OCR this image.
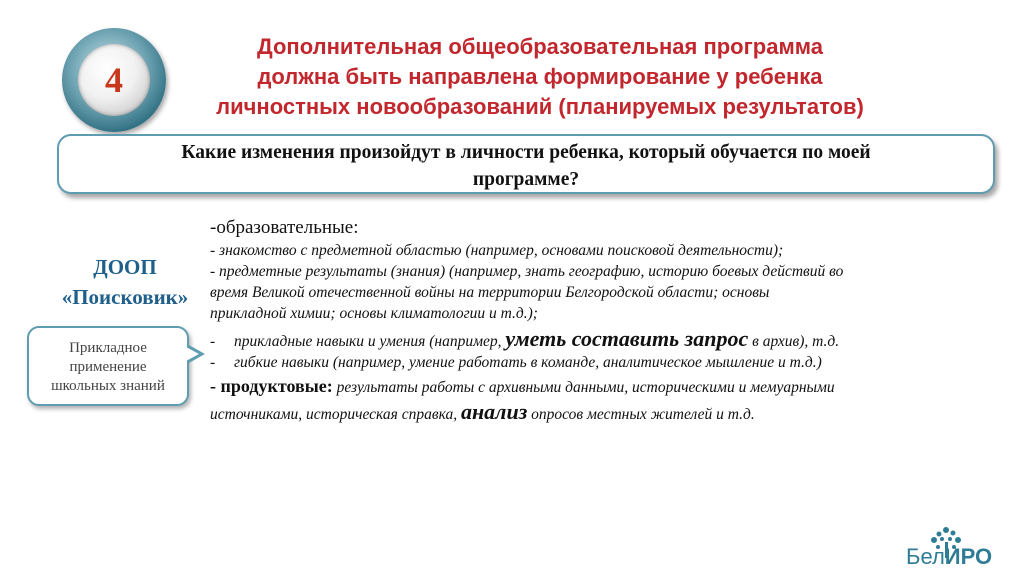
4
Дополнительная общеобразовательная программа
должна быть направлена формирование у ребенка
личностных новообразований (планируемых результатов)
Какие изменения произойдут в личности ребенка, который обучается по моей
программе?
ДООП
«Поисковик»
Прикладное
применение
школьных знаний
-образовательные:
- знакомство с предметной областью (например, основами поисковой деятельности);
- предметные результаты (знания) (например, знать географию, историю боевых действий во
время Великой отечественной войны на территории Белгородской области; основы
прикладной химии; основы климатологии и т.д.);
- прикладные навыки и умения (например, уметь составить запрос в архив), т.д.
- гибкие навыки (например, умение работать в команде, аналитическое мышление и т.д.)
- продуктовые: результаты работы с архивными данными, историческими и мемуарными
источниками, историческая справка, анализ опросов местных жителей и т.д.
БелИРО
